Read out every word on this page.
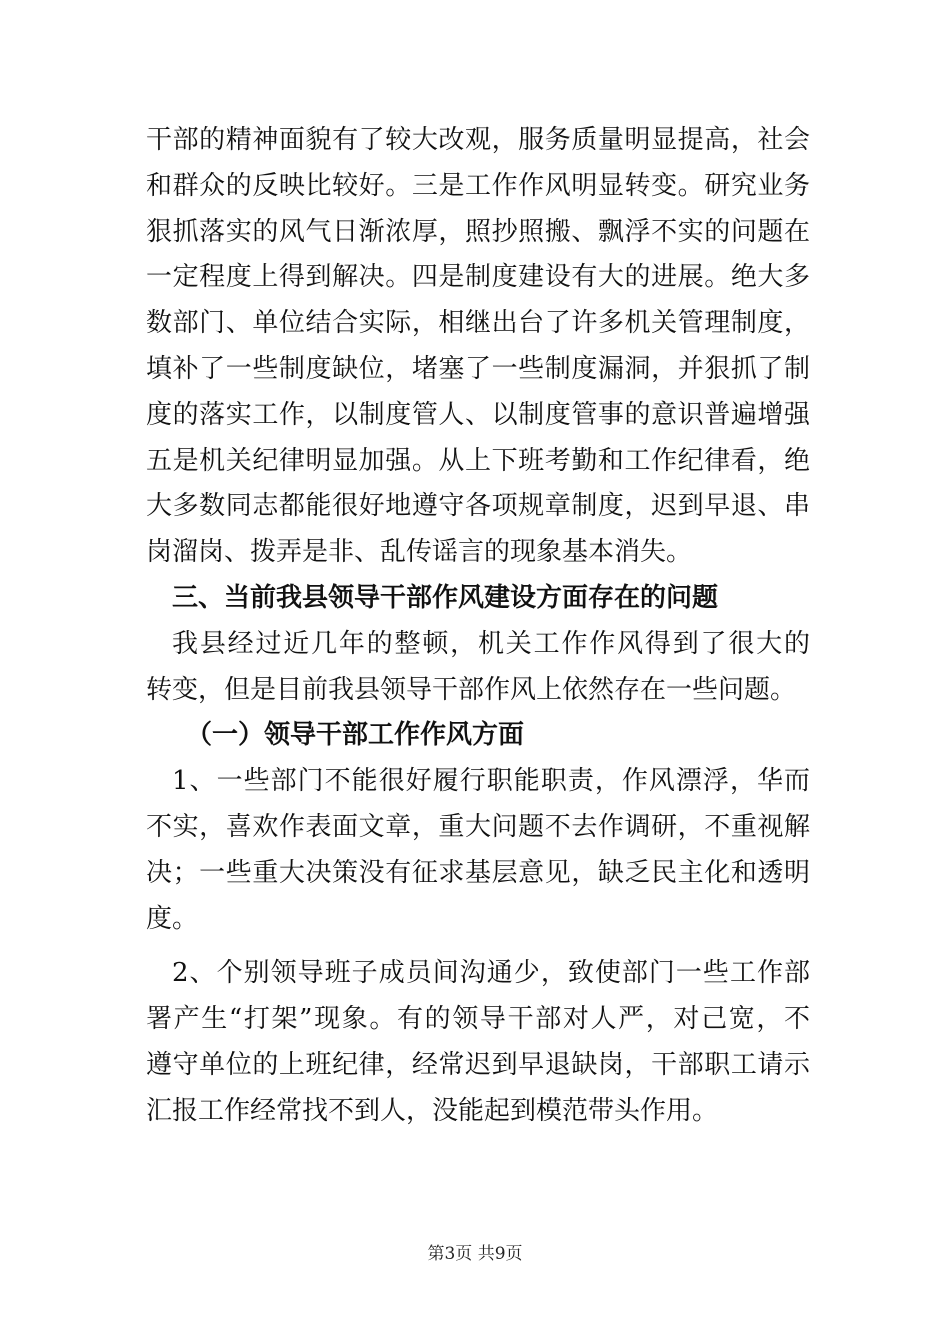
干部的精神面貌有了较大改观，服务质量明显提高，社会
和群众的反映比较好。三是工作作风明显转变。研究业务
狠抓落实的风气日渐浓厚，照抄照搬、飘浮不实的问题在
一定程度上得到解决。四是制度建设有大的进展。绝大多
数部门、单位结合实际，相继出台了许多机关管理制度，
填补了一些制度缺位，堵塞了一些制度漏洞，并狠抓了制
度的落实工作，以制度管人、以制度管事的意识普遍增强
五是机关纪律明显加强。从上下班考勤和工作纪律看，绝
大多数同志都能很好地遵守各项规章制度，迟到早退、串
岗溜岗、拨弄是非、乱传谣言的现象基本消失。
三、当前我县领导干部作风建设方面存在的问题
我县经过近几年的整顿，机关工作作风得到了很大的
转变，但是目前我县领导干部作风上依然存在一些问题。
（一）领导干部工作作风方面
1、一些部门不能很好履行职能职责，作风漂浮，华而
不实，喜欢作表面文章，重大问题不去作调研，不重视解
决；一些重大决策没有征求基层意见，缺乏民主化和透明
度。
2、个别领导班子成员间沟通少，致使部门一些工作部
署产生“打架”现象。有的领导干部对人严，对己宽，不
遵守单位的上班纪律，经常迟到早退缺岗，干部职工请示
汇报工作经常找不到人，没能起到模范带头作用。
第3页 共9页
